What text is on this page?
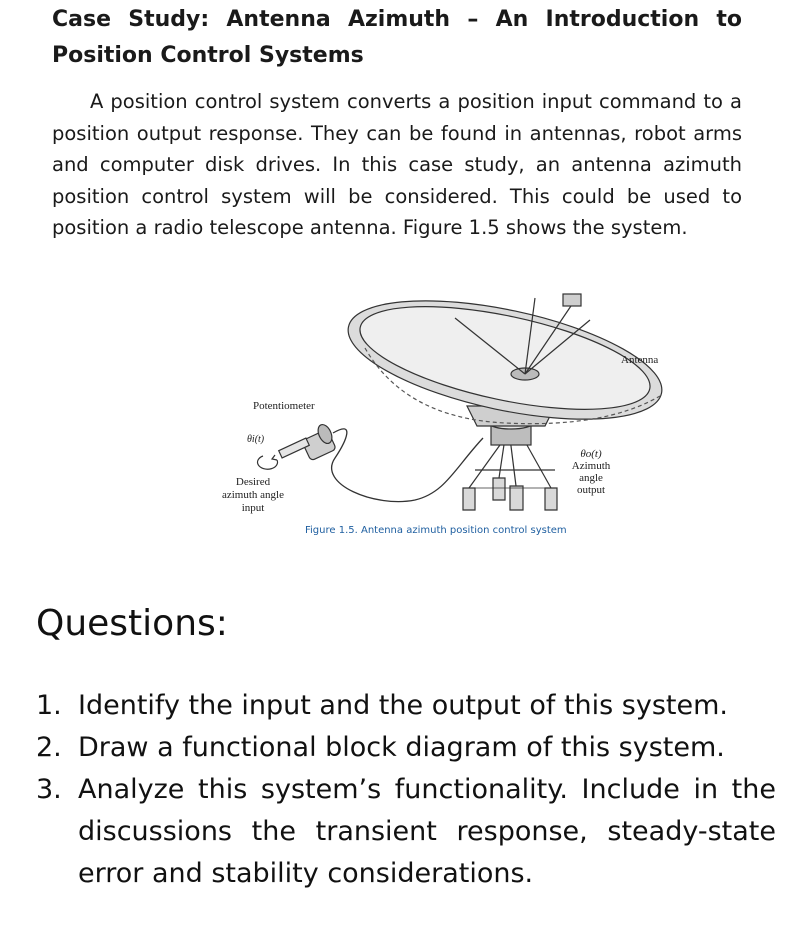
Case Study: Antenna Azimuth – An Introduction to Position Control Systems
A position control system converts a position input command to a position output response. They can be found in antennas, robot arms and computer disk drives. In this case study, an antenna azimuth position control system will be considered. This could be used to position a radio telescope antenna. Figure 1.5 shows the system.
Antenna
Potentiometer
θi(t)
Desired
azimuth angle
input
θo(t)
Azimuth
angle
output
Figure 1.5. Antenna azimuth position control system
Questions:
1. Identify the input and the output of this system.
2. Draw a functional block diagram of this system.
3. Analyze this system’s functionality. Include in the discussions the transient response, steady-state error and stability considerations.
